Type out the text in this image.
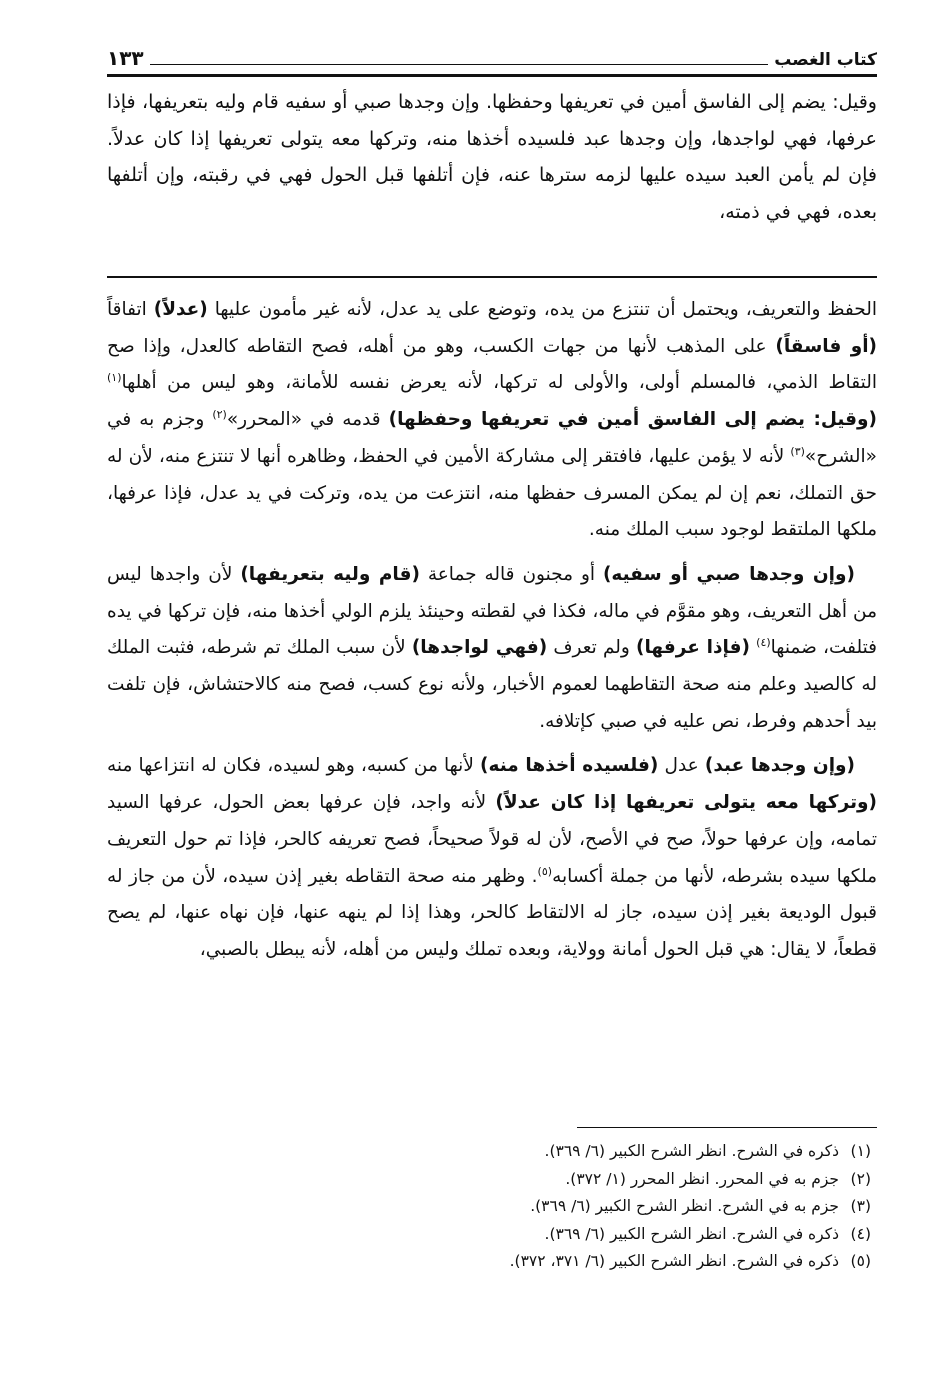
كتاب الغصب
١٣٣
وقيل: يضم إلى الفاسق أمين في تعريفها وحفظها. وإن وجدها صبي أو سفيه قام وليه بتعريفها، فإذا عرفها، فهي لواجدها، وإن وجدها عبد فلسيده أخذها منه، وتركها معه يتولى تعريفها إذا كان عدلاً. فإن لم يأمن العبد سيده عليها لزمه سترها عنه، فإن أتلفها قبل الحول فهي في رقبته، وإن أتلفها بعده، فهي في ذمته،

الحفظ والتعريف، ويحتمل أن تنتزع من يده، وتوضع على يد عدل، لأنه غير مأمون عليها (عدلاً) اتفاقاً (أو فاسقاً) على المذهب لأنها من جهات الكسب، وهو من أهله، فصح التقاطه كالعدل، وإذا صح التقاط الذمي، فالمسلم أولى، والأولى له تركها، لأنه يعرض نفسه للأمانة، وهو ليس من أهلها$^{(١)}$ (وقيل: يضم إلى الفاسق أمين في تعريفها وحفظها) قدمه في «المحرر»$^{(٢)}$ وجزم به في «الشرح»$^{(٣)}$ لأنه لا يؤمن عليها، فافتقر إلى مشاركة الأمين في الحفظ، وظاهره أنها لا تنتزع منه، لأن له حق التملك، نعم إن لم يمكن المسرف حفظها منه، انتزعت من يده، وتركت في يد عدل، فإذا عرفها، ملكها الملتقط لوجود سبب الملك منه.

(وإن وجدها صبي أو سفيه) أو مجنون قاله جماعة (قام وليه بتعريفها) لأن واجدها ليس من أهل التعريف، وهو مقوَّم في ماله، فكذا في لقطته وحينئذ يلزم الولي أخذها منه، فإن تركها في يده فتلفت، ضمنها$^{(٤)}$ (فإذا عرفها) ولم تعرف (فهي لواجدها) لأن سبب الملك تم شرطه، فثبت الملك له كالصيد وعلم منه صحة التقاطهما لعموم الأخبار، ولأنه نوع كسب، فصح منه كالاحتشاش، فإن تلفت بيد أحدهم وفرط، نص عليه في صبي كإتلافه.

(وإن وجدها عبد) عدل (فلسيده أخذها منه) لأنها من كسبه، وهو لسيده، فكان له انتزاعها منه (وتركها معه يتولى تعريفها إذا كان عدلاً) لأنه واجد، فإن عرفها بعض الحول، عرفها السيد تمامه، وإن عرفها حولاً، صح في الأصح، لأن له قولاً صحيحاً، فصح تعريفه كالحر، فإذا تم حول التعريف ملكها سيده بشرطه، لأنها من جملة أكسابه$^{(٥)}$. وظهر منه صحة التقاطه بغير إذن سيده، لأن من جاز له قبول الوديعة بغير إذن سيده، جاز له الالتقاط كالحر، وهذا إذا لم ينهه عنها، فإن نهاه عنها، لم يصح قطعاً، لا يقال: هي قبل الحول أمانة وولاية، وبعده تملك وليس من أهله، لأنه يبطل بالصبي،

(١)ذكره في الشرح. انظر الشرح الكبير (٦/ ٣٦٩).
(٢)جزم به في المحرر. انظر المحرر (١/ ٣٧٢).
(٣)جزم به في الشرح. انظر الشرح الكبير (٦/ ٣٦٩).
(٤)ذكره في الشرح. انظر الشرح الكبير (٦/ ٣٦٩).
(٥)ذكره في الشرح. انظر الشرح الكبير (٦/ ٣٧١، ٣٧٢).
